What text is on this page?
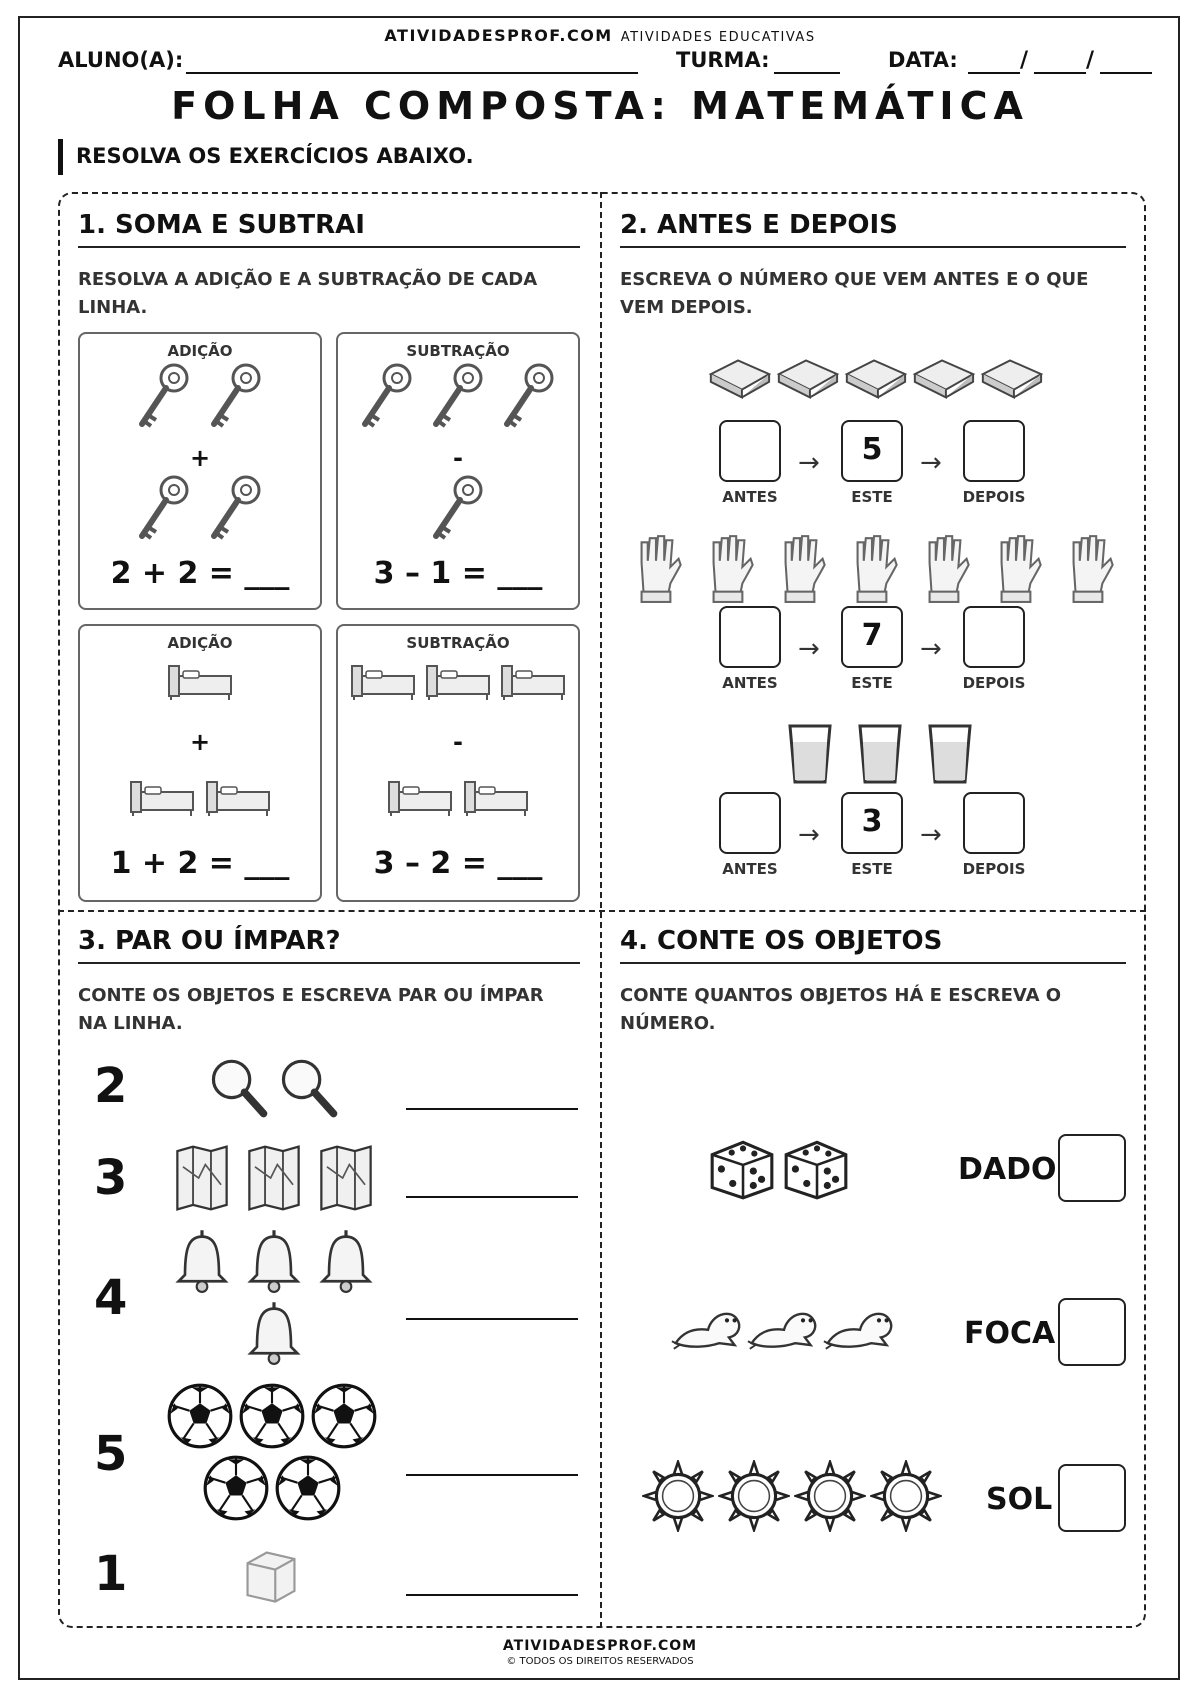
ATIVIDADESPROF.COM ATIVIDADES EDUCATIVAS
ALUNO(A):	TURMA:	DATA:	/	/
FOLHA COMPOSTA: MATEMÁTICA
RESOLVA OS EXERCÍCIOS ABAIXO.
1. SOMA E SUBTRAI
RESOLVA A ADIÇÃO E A SUBTRAÇÃO DE CADA LINHA.
ADIÇÃO

+

2 + 2 = ___
SUBTRAÇÃO

-
3 – 1 = ___
ADIÇÃO
+

1 + 2 = ___
SUBTRAÇÃO

-

3 – 2 = ___
2. ANTES E DEPOIS
ESCREVA O NÚMERO QUE VEM ANTES E O QUE VEM DEPOIS.
→	5	→
ANTES	ESTE	DEPOIS
→	7	→
ANTES	ESTE	DEPOIS
→	3	→
ANTES	ESTE	DEPOIS
3. PAR OU ÍMPAR?
CONTE OS OBJETOS E ESCREVA PAR OU ÍMPAR NA LINHA.
2
3
4
5
1
4. CONTE OS OBJETOS
CONTE QUANTOS OBJETOS HÁ E ESCREVA O NÚMERO.
DADO
FOCA
SOL
ATIVIDADESPROF.COM
© TODOS OS DIREITOS RESERVADOS
